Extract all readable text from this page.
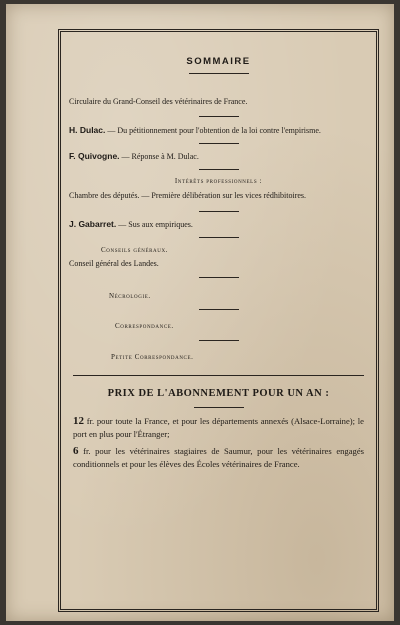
SOMMAIRE
Circulaire du Grand-Conseil des vétérinaires de France.
H. Dulac. — Du pétitionnement pour l'obtention de la loi contre l'empirisme.
F. Quivogne. — Réponse à M. Dulac.
Intérêts professionnels :
Chambre des députés. — Première délibération sur les vices rédhibitoires.
J. Gabarret. — Sus aux empiriques.
Conseils généraux.
Conseil général des Landes.
Nécrologie.
Correspondance.
Petite Correspondance.
PRIX DE L'ABONNEMENT POUR UN AN :
12 fr. pour toute la France, et pour les départements annexés (Alsace-Lorraine); le port en plus pour l'Étranger;
6 fr. pour les vétérinaires stagiaires de Saumur, pour les vétérinaires engagés conditionnels et pour les élèves des Écoles vétérinaires de France.
